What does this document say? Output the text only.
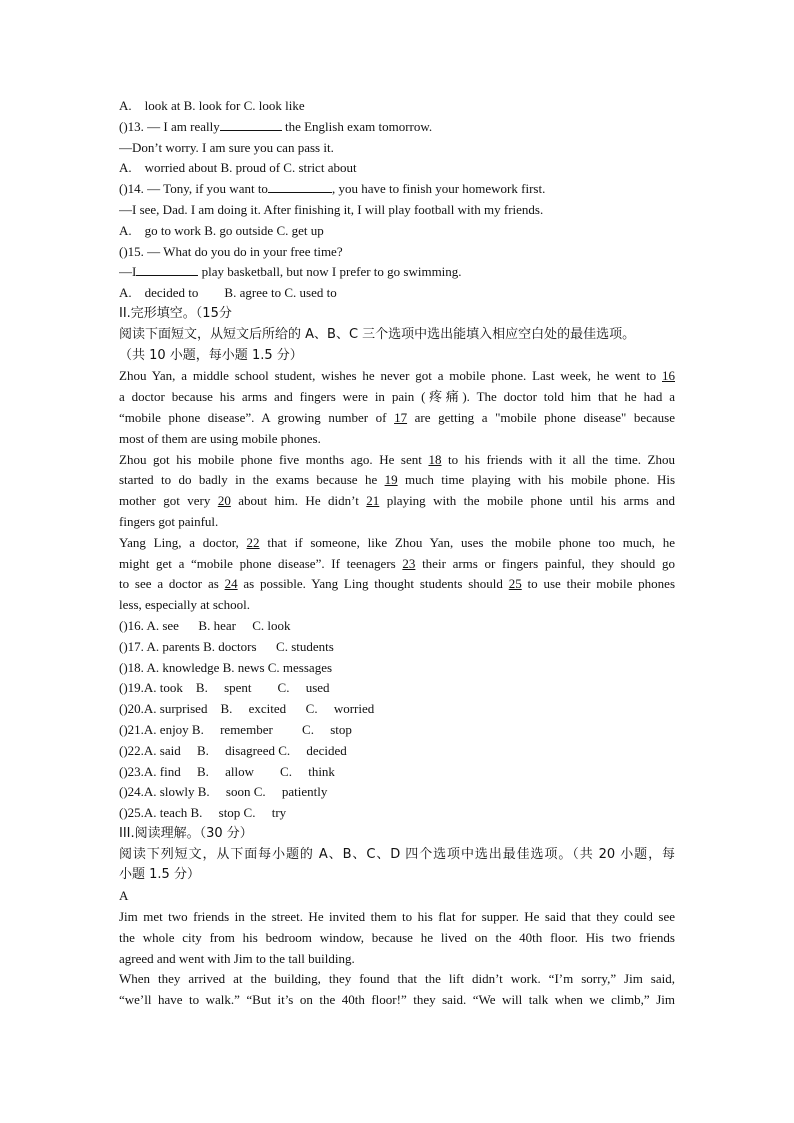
A.    look at B. look for C. look like
()13. — I am really	the English exam tomorrow.
—Don’t worry. I am sure you can pass it.
A.    worried about B. proud of C. strict about
()14. — Tony, if you want to	, you have to finish your homework first.
—I see, Dad. I am doing it. After finishing it, I will play football with my friends.
A.    go to work B. go outside C. get up
()15. — What do you do in your free time?
—I	play basketball, but now I prefer to go swimming.
A.    decided to        B. agree to C. used to
II.完形填空。（15分
阅读下面短文，从短文后所给的 A、B、C 三个选项中选出能填入相应空白处的最佳选项。
（共 10 小题，每小题 1.5 分）
Zhou Yan, a middle school student, wishes he never got a mobile phone. Last week, he went to 16
a doctor because his arms and fingers were in pain (疼痛). The doctor told him that he had a
“mobile phone disease”. A growing number of 17 are getting a "mobile phone disease" because
most of them are using mobile phones.
Zhou got his mobile phone five months ago. He sent 18 to his friends with it all the time. Zhou
started to do badly in the exams because he 19 much time playing with his mobile phone. His
mother got very 20 about him. He didn’t 21 playing with the mobile phone until his arms and
fingers got painful.
Yang Ling, a doctor, 22 that if someone, like Zhou Yan, uses the mobile phone too much, he
might get a “mobile phone disease”. If teenagers 23 their arms or fingers painful, they should go
to see a doctor as 24 as possible. Yang Ling thought students should 25 to use their mobile phones
less, especially at school.
()16. A. see      B. hear     C. look
()17. A. parents B. doctors      C. students
()18. A. knowledge B. news C. messages
()19.A. took    B.     spent        C.     used
()20.A. surprised    B.     excited      C.     worried
()21.A. enjoy B.     remember         C.     stop
()22.A. said     B.     disagreed C.     decided
()23.A. find     B.     allow        C.     think
()24.A. slowly B.     soon C.     patiently
()25.A. teach B.     stop C.     try
III.阅读理解。（30 分）
阅读下列短文，从下面每小题的 A、B、C、D 四个选项中选出最佳选项。（共 20 小题，每
小题 1.5 分）
A
Jim met two friends in the street. He invited them to his flat for supper. He said that they could see
the whole city from his bedroom window, because he lived on the 40th floor. His two friends
agreed and went with Jim to the tall building.
When they arrived at the building, they found that the lift didn’t work. “I’m sorry,” Jim said,
“we’ll have to walk.” “But it’s on the 40th floor!” they said. “We will talk when we climb,” Jim
